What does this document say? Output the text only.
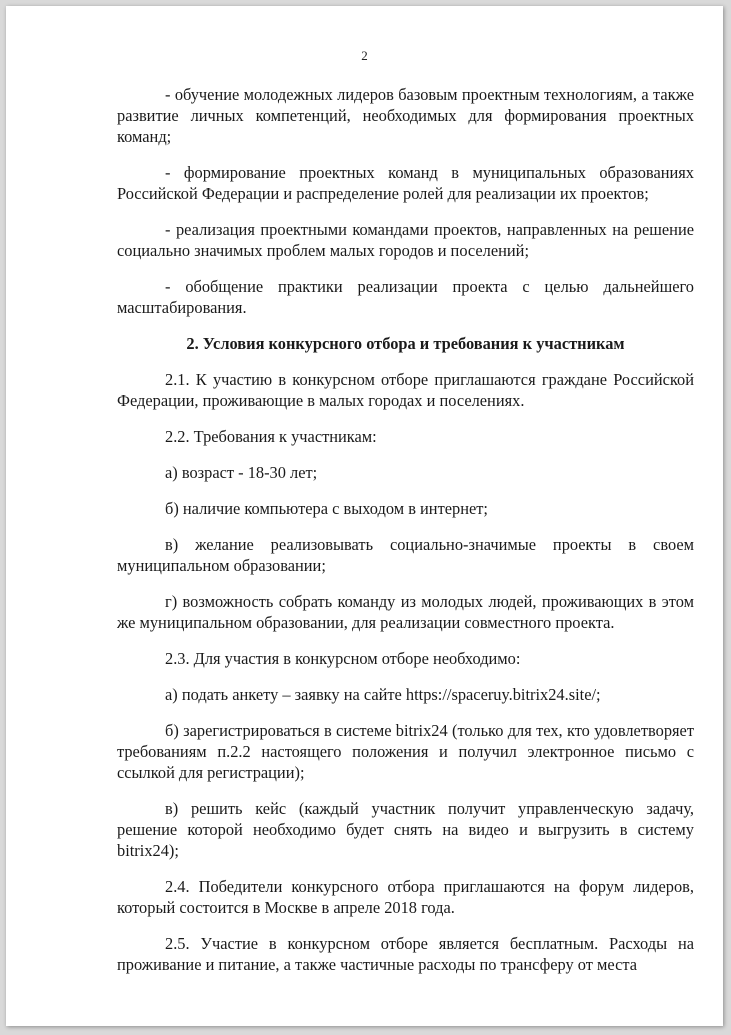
2

- обучение молодежных лидеров базовым проектным технологиям, а также развитие личных компетенций, необходимых для формирования проектных команд;

- формирование проектных команд в муниципальных образованиях Российской Федерации и распределение ролей для реализации их проектов;

- реализация проектными командами проектов, направленных на решение социально значимых проблем малых городов и поселений;

- обобщение практики реализации проекта с целью дальнейшего масштабирования.

2. Условия конкурсного отбора и требования к участникам

2.1. К участию в конкурсном отборе приглашаются граждане Российской Федерации, проживающие в малых городах и поселениях.

2.2. Требования к участникам:

а) возраст - 18-30 лет;

б) наличие компьютера с выходом в интернет;

в) желание реализовывать социально-значимые проекты в своем муниципальном образовании;

г) возможность собрать команду из молодых людей, проживающих в этом же муниципальном образовании, для реализации совместного проекта.

2.3. Для участия в конкурсном отборе необходимо:

а) подать анкету – заявку на сайте https://spaceruy.bitrix24.site/;

б) зарегистрироваться в системе bitrix24 (только для тех, кто удовлетворяет требованиям п.2.2 настоящего положения и получил электронное письмо с ссылкой для регистрации);

в) решить кейс (каждый участник получит управленческую задачу, решение которой необходимо будет снять на видео и выгрузить в систему bitrix24);

2.4. Победители конкурсного отбора приглашаются на форум лидеров, который состоится в Москве в апреле 2018 года.

2.5. Участие в конкурсном отборе является бесплатным. Расходы на проживание и питание, а также частичные расходы по трансферу от места
